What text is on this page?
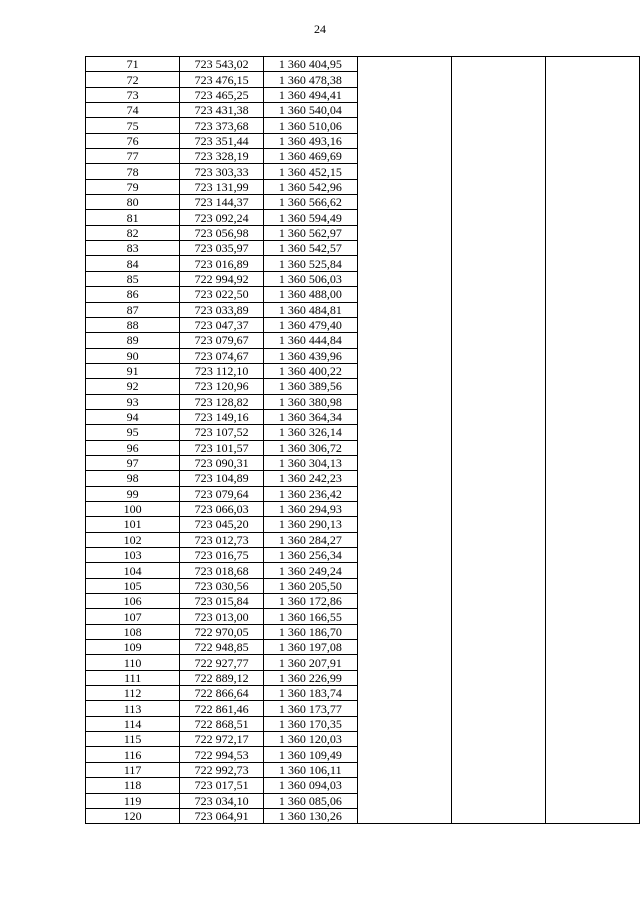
24
71	723 543,02	1 360 404,95			
72	723 476,15	1 360 478,38			
73	723 465,25	1 360 494,41			
74	723 431,38	1 360 540,04			
75	723 373,68	1 360 510,06			
76	723 351,44	1 360 493,16			
77	723 328,19	1 360 469,69			
78	723 303,33	1 360 452,15			
79	723 131,99	1 360 542,96			
80	723 144,37	1 360 566,62			
81	723 092,24	1 360 594,49			
82	723 056,98	1 360 562,97			
83	723 035,97	1 360 542,57			
84	723 016,89	1 360 525,84			
85	722 994,92	1 360 506,03			
86	723 022,50	1 360 488,00			
87	723 033,89	1 360 484,81			
88	723 047,37	1 360 479,40			
89	723 079,67	1 360 444,84			
90	723 074,67	1 360 439,96			
91	723 112,10	1 360 400,22			
92	723 120,96	1 360 389,56			
93	723 128,82	1 360 380,98			
94	723 149,16	1 360 364,34			
95	723 107,52	1 360 326,14			
96	723 101,57	1 360 306,72			
97	723 090,31	1 360 304,13			
98	723 104,89	1 360 242,23			
99	723 079,64	1 360 236,42			
100	723 066,03	1 360 294,93			
101	723 045,20	1 360 290,13			
102	723 012,73	1 360 284,27			
103	723 016,75	1 360 256,34			
104	723 018,68	1 360 249,24			
105	723 030,56	1 360 205,50			
106	723 015,84	1 360 172,86			
107	723 013,00	1 360 166,55			
108	722 970,05	1 360 186,70			
109	722 948,85	1 360 197,08			
110	722 927,77	1 360 207,91			
111	722 889,12	1 360 226,99			
112	722 866,64	1 360 183,74			
113	722 861,46	1 360 173,77			
114	722 868,51	1 360 170,35			
115	722 972,17	1 360 120,03			
116	722 994,53	1 360 109,49			
117	722 992,73	1 360 106,11			
118	723 017,51	1 360 094,03			
119	723 034,10	1 360 085,06			
120	723 064,91	1 360 130,26			
